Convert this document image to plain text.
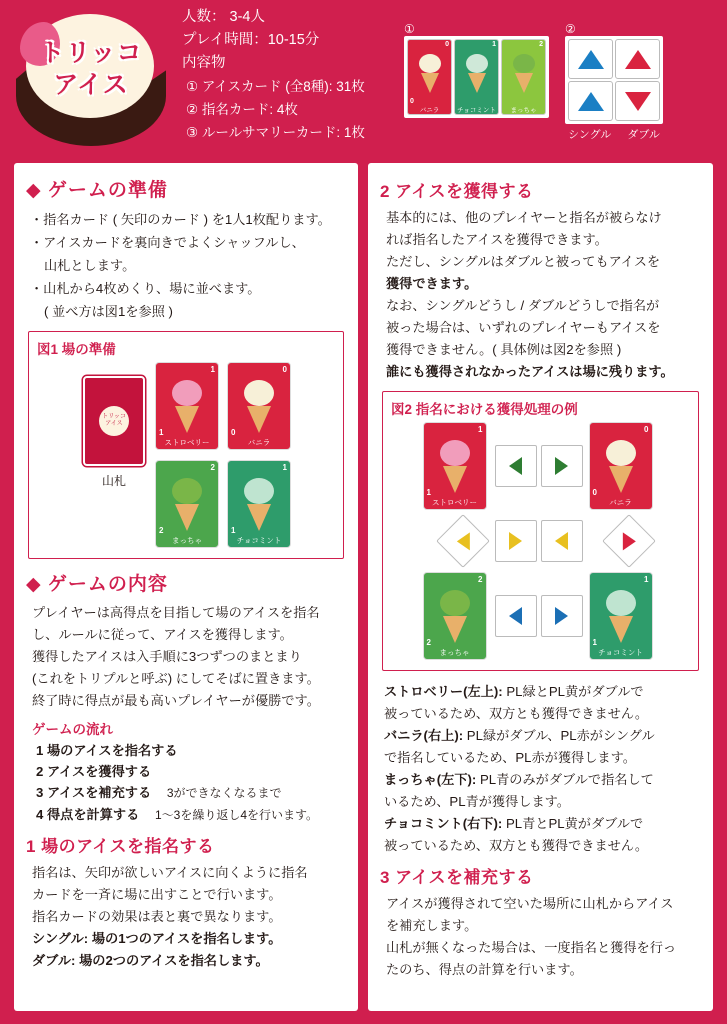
トリッコ
アイス
人数： 3-4人
プレイ時間：10-15分
内容物
① アイスカード (全8種): 31枚
② 指名カード: 4枚
③ ルールサマリーカード: 1枚
①
0
0
バニラ
1
チョコミント
2
まっちゃ
②
シングル ダブル
◆ ゲームの準備
・指名カード ( 矢印のカード ) を1人1枚配ります。
・アイスカードを裏向きでよくシャッフルし、
山札とします。
・山札から4枚めくり、場に並べます。
( 並べ方は図1を参照 )
図1 場の準備
トリッコ
アイス
山札
1
1
ストロベリー
0
0
バニラ
2
2
まっちゃ
1
1
チョコミント
◆ ゲームの内容

プレイヤーは高得点を目指して場のアイスを指名

し、ルールに従って、アイスを獲得します。

獲得したアイスは入手順に3つずつのまとまり

(これをトリプルと呼ぶ) にしてそばに置きます。

終了時に得点が最も高いプレイヤーが優勝です。

ゲームの流れ
1 場のアイスを指名する
2 アイスを獲得する
3 アイスを補充する 3ができなくなるまで
4 得点を計算する 1～3を繰り返し4を行います。
1 場のアイスを指名する

指名は、矢印が欲しいアイスに向くように指名

カードを一斉に場に出すことで行います。

指名カードの効果は表と裏で異なります。

シングル: 場の1つのアイスを指名します。

ダブル: 場の2つのアイスを指名します。

2 アイスを獲得する

基本的には、他のプレイヤーと指名が被らなけ

れば指名したアイスを獲得できます。

ただし、シングルはダブルと被ってもアイスを

獲得できます。

なお、シングルどうし / ダブルどうしで指名が

被った場合は、いずれのプレイヤーもアイスを

獲得できません。( 具体例は図2を参照 )

誰にも獲得されなかったアイスは場に残ります。

図2 指名における獲得処理の例
1
1
ストロベリー
0
0
バニラ
2
2
まっちゃ
1
1
チョコミント

ストロベリー(左上): PL緑とPL黄がダブルで

被っているため、双方とも獲得できません。

バニラ(右上): PL緑がダブル、PL赤がシングル

で指名しているため、PL赤が獲得します。

まっちゃ(左下): PL青のみがダブルで指名して

いるため、PL青が獲得します。

チョコミント(右下): PL青とPL黄がダブルで

被っているため、双方とも獲得できません。

3 アイスを補充する

アイスが獲得されて空いた場所に山札からアイス

を補充します。

山札が無くなった場合は、一度指名と獲得を行っ

たのち、得点の計算を行います。
